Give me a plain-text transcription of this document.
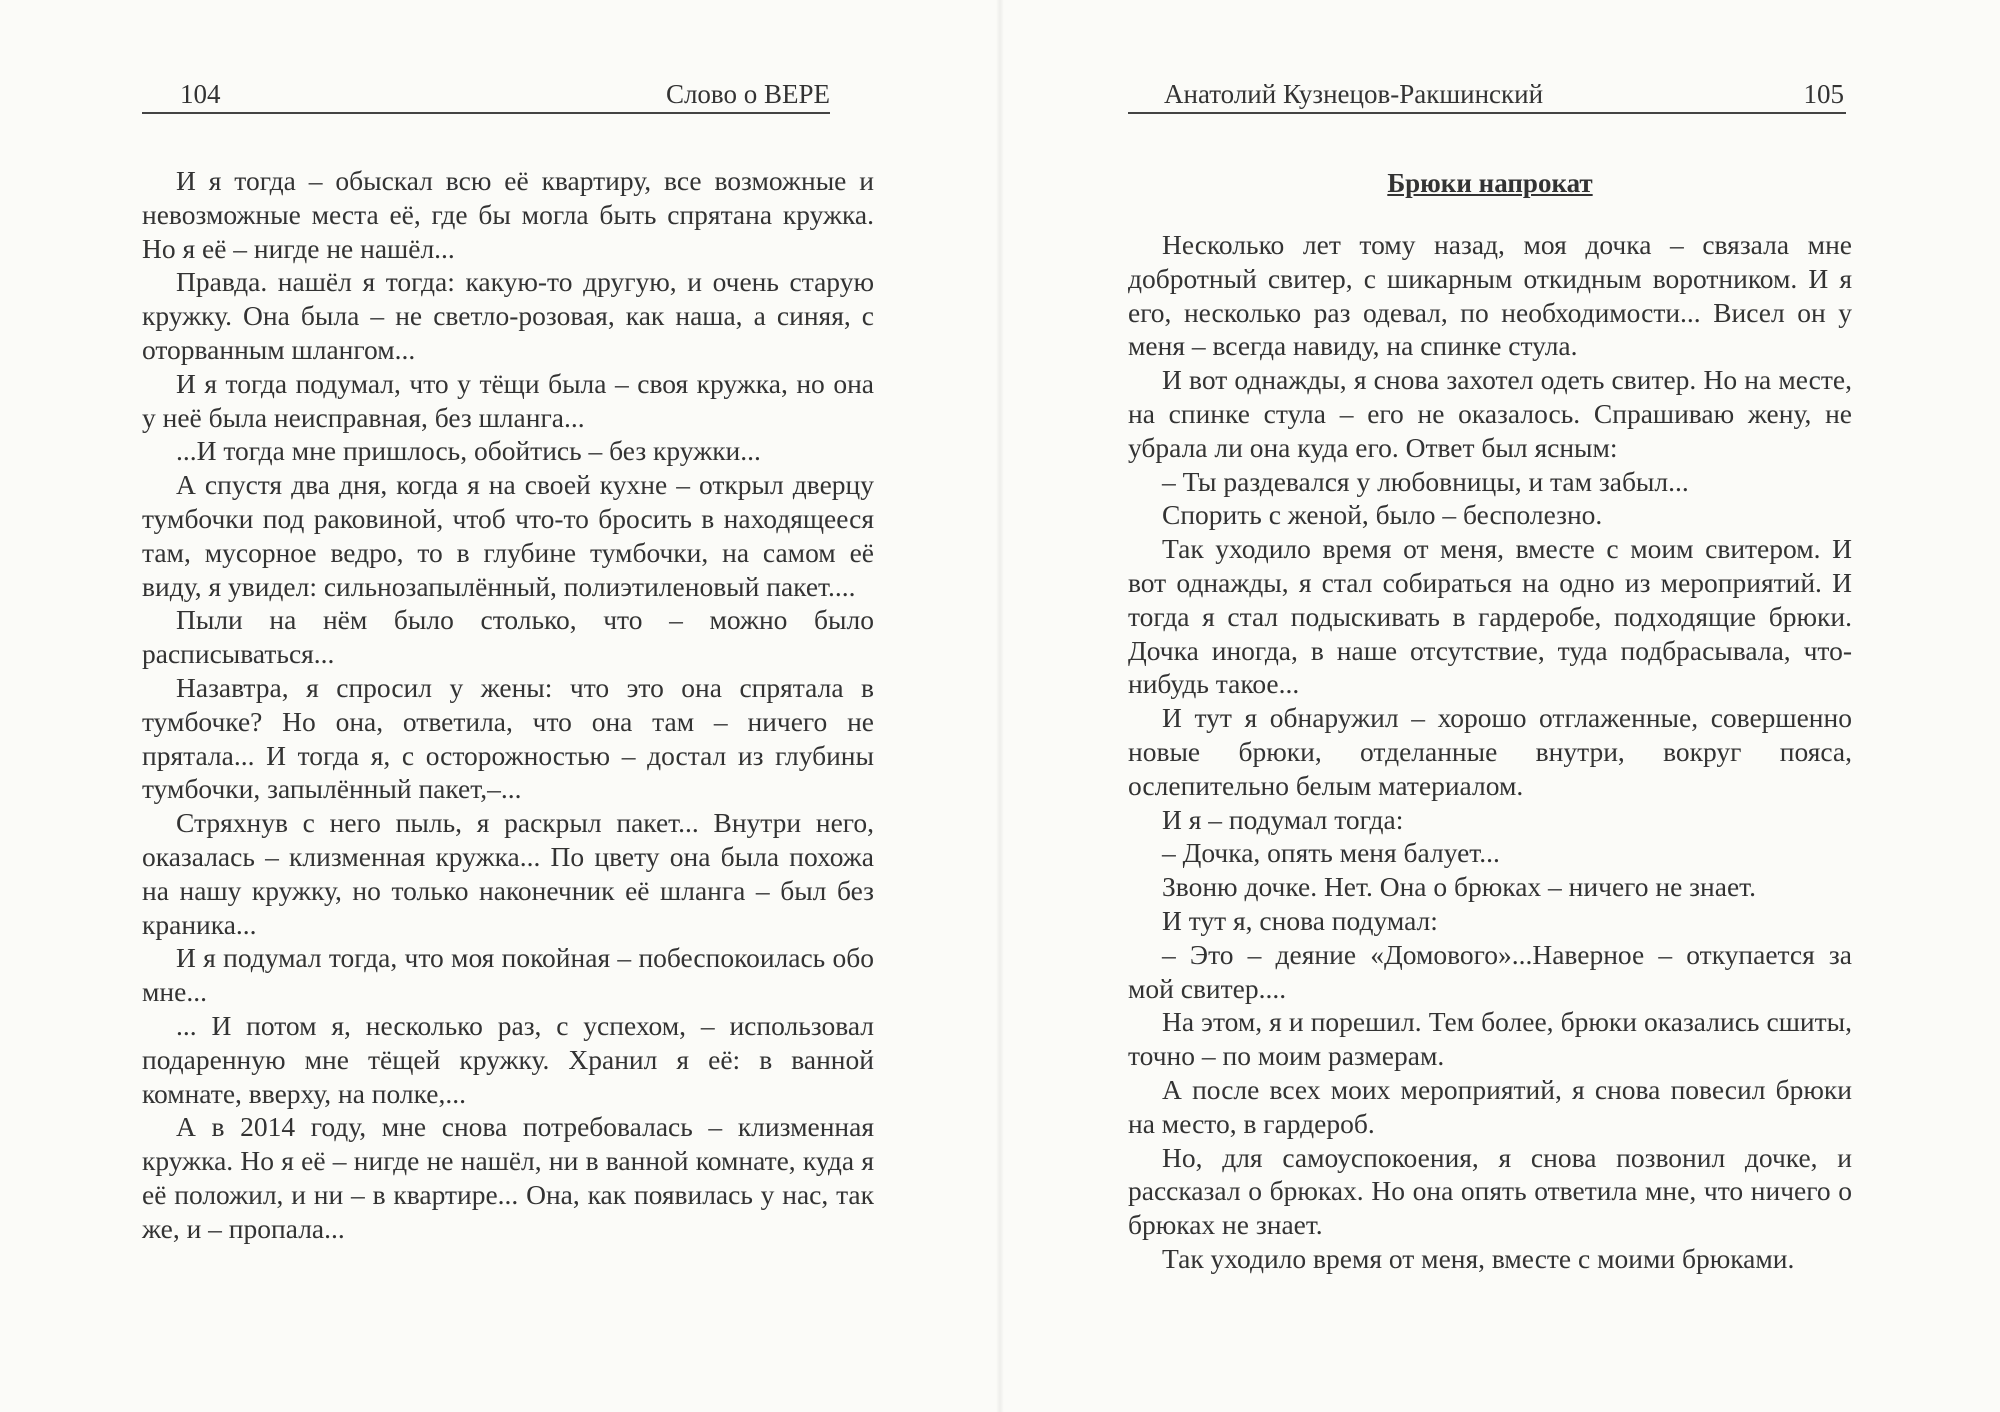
104	Слово о ВЕРЕ

И я тогда – обыскал всю её квартиру, все возможные и невозможные места её, где бы могла быть спрятана кружка. Но я её – нигде не нашёл...

Правда. нашёл я тогда: какую-то другую, и очень старую кружку. Она была – не светло-розовая, как наша, а синяя, с оторванным шлангом...

И я тогда подумал, что у тёщи была – своя кружка, но она у неё была неисправная, без шланга...

...И тогда мне пришлось, обойтись – без кружки...

А спустя два дня, когда я на своей кухне – открыл дверцу тумбочки под раковиной, чтоб что-то бросить в находящееся там, мусорное ведро, то в глубине тумбочки, на самом её виду, я увидел: сильнозапылённый, полиэтиленовый пакет....

Пыли на нём было столько, что – можно было расписываться...

Назавтра, я спросил у жены: что это она спрятала в тумбочке? Но она, ответила, что она там – ничего не прятала... И тогда я, с осторожностью – достал из глубины тумбочки, запылённый пакет,–...

Стряхнув с него пыль, я раскрыл пакет... Внутри него, оказалась – клизменная кружка... По цвету она была похожа на нашу кружку, но только наконечник её шланга – был без краника...

И я подумал тогда, что моя покойная – побеспокоилась обо мне...

... И потом я, несколько раз, с успехом, – использовал подаренную мне тёщей кружку. Хранил я её: в ванной комнате, вверху, на полке,...

А в 2014 году, мне снова потребовалась – клизменная кружка. Но я её – нигде не нашёл, ни в ванной комнате, куда я её положил, и ни – в квартире... Она, как появилась у нас, так же, и – пропала...

Анатолий Кузнецов-Ракшинский	105
Брюки напрокат

Несколько лет тому назад, моя дочка – связала мне добротный свитер, с шикарным откидным воротником. И я его, несколько раз одевал, по необходимости... Висел он у меня – всегда навиду, на спинке стула.

И вот однажды, я снова захотел одеть свитер. Но на месте, на спинке стула – его не оказалось. Спрашиваю жену, не убрала ли она куда его. Ответ был ясным:

– Ты раздевался у любовницы, и там забыл...

Спорить с женой, было – бесполезно.

Так уходило время от меня, вместе с моим свитером. И вот однажды, я стал собираться на одно из мероприятий. И тогда я стал подыскивать в гардеробе, подходящие брюки. Дочка иногда, в наше отсутствие, туда подбрасывала, что-нибудь такое...

И тут я обнаружил – хорошо отглаженные, совершенно новые брюки, отделанные внутри, вокруг пояса, ослепительно белым материалом.

И я – подумал тогда:

– Дочка, опять меня балует...

Звоню дочке. Нет. Она о брюках – ничего не знает.

И тут я, снова подумал:

– Это – деяние «Домового»...Наверное – откупается за мой свитер....

На этом, я и порешил. Тем более, брюки оказались сшиты, точно – по моим размерам.

А после всех моих мероприятий, я снова повесил брюки на место, в гардероб.

Но, для самоуспокоения, я снова позвонил дочке, и рассказал о брюках. Но она опять ответила мне, что ничего о брюках не знает.

Так уходило время от меня, вместе с моими брюками.
